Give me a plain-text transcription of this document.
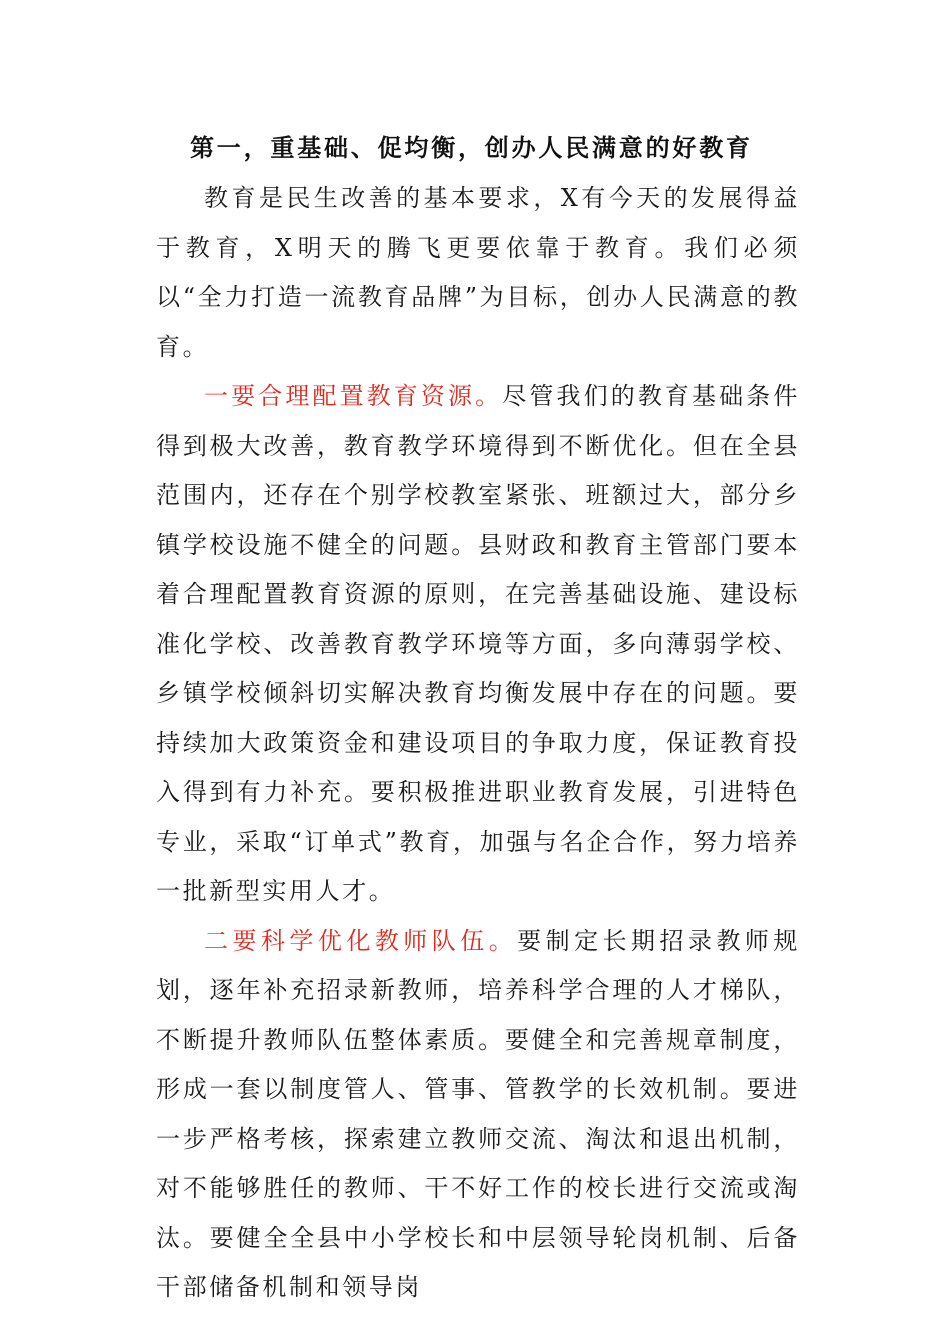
第一，重基础、促均衡，创办人民满意的好教育

教育是民生改善的基本要求，X有今天的发展得益于教育，X明天的腾飞更要依靠于教育。我们必须以“全力打造一流教育品牌”为目标，创办人民满意的教育。

一要合理配置教育资源。尽管我们的教育基础条件得到极大改善，教育教学环境得到不断优化。但在全县范围内，还存在个别学校教室紧张、班额过大，部分乡镇学校设施不健全的问题。县财政和教育主管部门要本着合理配置教育资源的原则，在完善基础设施、建设标准化学校、改善教育教学环境等方面，多向薄弱学校、乡镇学校倾斜切实解决教育均衡发展中存在的问题。要持续加大政策资金和建设项目的争取力度，保证教育投入得到有力补充。要积极推进职业教育发展，引进特色专业，采取“订单式”教育，加强与名企合作，努力培养一批新型实用人才。

二要科学优化教师队伍。要制定长期招录教师规划，逐年补充招录新教师，培养科学合理的人才梯队，不断提升教师队伍整体素质。要健全和完善规章制度，形成一套以制度管人、管事、管教学的长效机制。要进一步严格考核，探索建立教师交流、淘汰和退出机制，对不能够胜任的教师、干不好工作的校长进行交流或淘汰。要健全全县中小学校长和中层领导轮岗机制、后备干部储备机制和领导岗
